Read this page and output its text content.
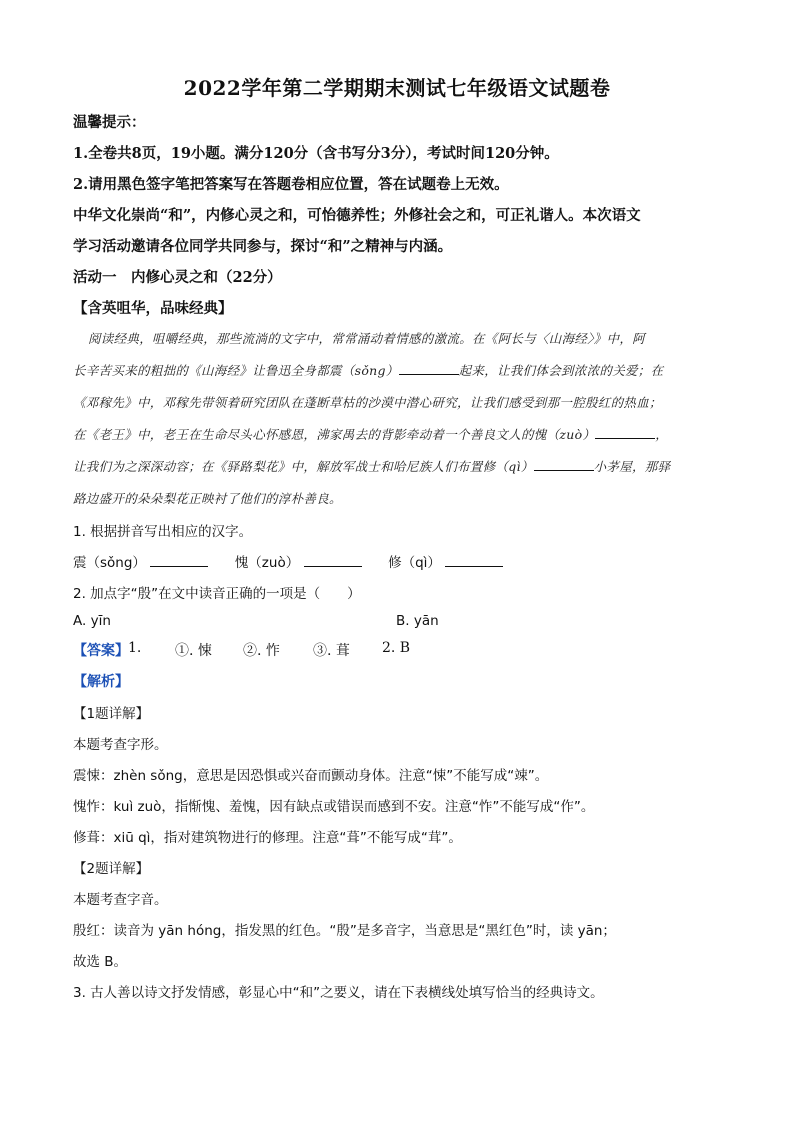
2022学年第二学期期末测试七年级语文试题卷
温馨提示：
1.全卷共8页，19小题。满分120分（含书写分3分），考试时间120分钟。
2.请用黑色签字笔把答案写在答题卷相应位置，答在试题卷上无效。
中华文化崇尚“和”，内修心灵之和，可怡德养性；外修社会之和，可正礼谐人。本次语文
学习活动邀请各位同学共同参与，探讨“和”之精神与内涵。
活动一　内修心灵之和（22分）
【含英咀华，品味经典】
阅读经典，咀嚼经典，那些流淌的文字中，常常涌动着情感的激流。在《阿长与〈山海经〉》中，阿
长辛苦买来的粗拙的《山海经》让鲁迅全身都震（sǒng）	起来，让我们体会到浓浓的关爱；在
《邓稼先》中，邓稼先带领着研究团队在蓬断草枯的沙漠中潜心研究，让我们感受到那一腔殷红的热血；
在《老王》中，老王在生命尽头心怀感恩，沸家禺去的背影牵动着一个善良文人的愧（zuò）	，
让我们为之深深动容；在《驿路梨花》中，解放军战士和哈尼族人们布置修（qì）	小茅屋，那驿
路边盛开的朵朵梨花正映衬了他们的淳朴善良。
1. 根据拼音写出相应的汉字。
震（sǒng）	愧（zuò）	修（qì）
2. 加点字“殷”在文中读音正确的一项是（　　）
A. yīn	B. yān
【答案】 1. ①. 悚 ②. 怍 ③. 葺 2. B
【解析】
【1题详解】
本题考查字形。
震悚：zhèn sǒng，意思是因恐惧或兴奋而颤动身体。注意“悚”不能写成“竦”。
愧怍：kuì zuò，指惭愧、羞愧，因有缺点或错误而感到不安。注意“怍”不能写成“作”。
修葺：xiū qì，指对建筑物进行的修理。注意“葺”不能写成“茸”。
【2题详解】
本题考查字音。
殷红：读音为 yān hóng，指发黑的红色。“殷”是多音字，当意思是“黑红色”时，读 yān；
故选 B。
3. 古人善以诗文抒发情感，彰显心中“和”之要义，请在下表横线处填写恰当的经典诗文。
